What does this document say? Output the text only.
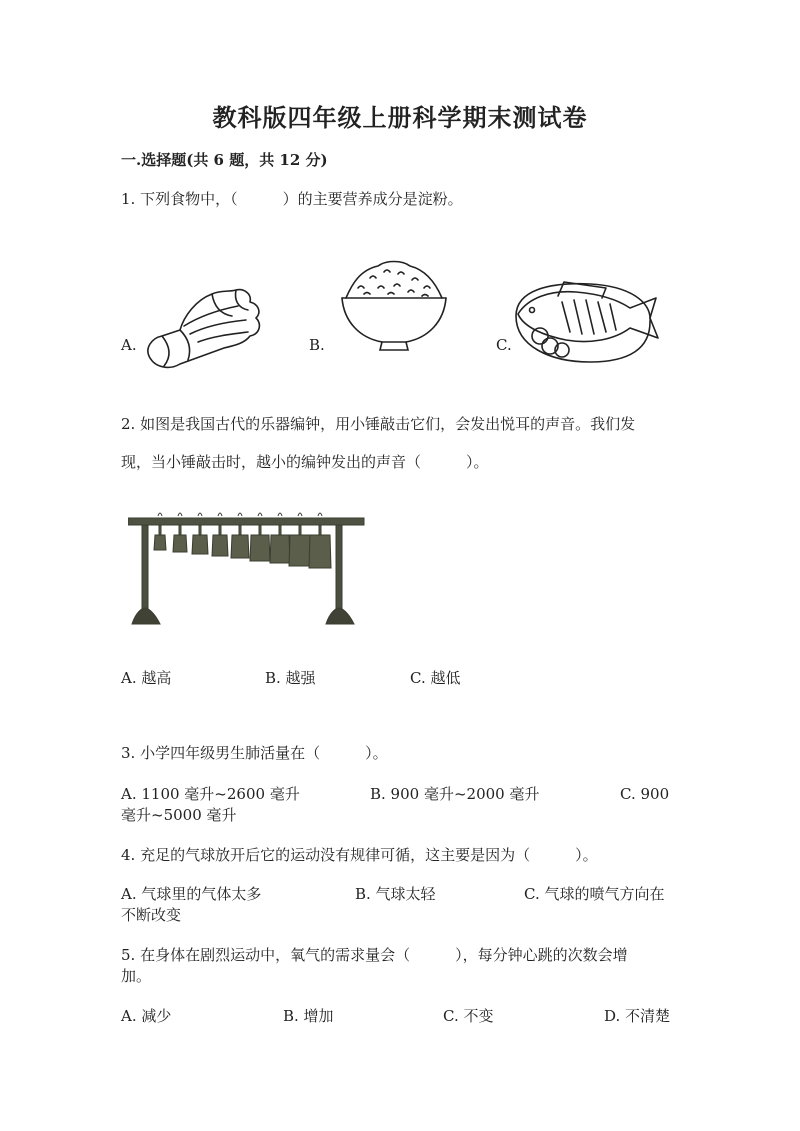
教科版四年级上册科学期末测试卷
一.选择题(共 6 题，共 12 分)
1. 下列食物中，（　　　）的主要营养成分是淀粉。
A.	B.	C.
2. 如图是我国古代的乐器编钟，用小锤敲击它们，会发出悦耳的声音。我们发
现，当小锤敲击时，越小的编钟发出的声音（　　　）。
A. 越高	B. 越强	C. 越低
3. 小学四年级男生肺活量在（　　　）。
A. 1100 毫升~2600 毫升	B. 900 毫升~2000 毫升	C. 900
毫升~5000 毫升
4. 充足的气球放开后它的运动没有规律可循，这主要是因为（　　　）。
A. 气球里的气体太多	B. 气球太轻	C. 气球的喷气方向在
不断改变
5. 在身体在剧烈运动中，氧气的需求量会（　　　），每分钟心跳的次数会增
加。
A. 减少	B. 增加	C. 不变	D. 不清楚
